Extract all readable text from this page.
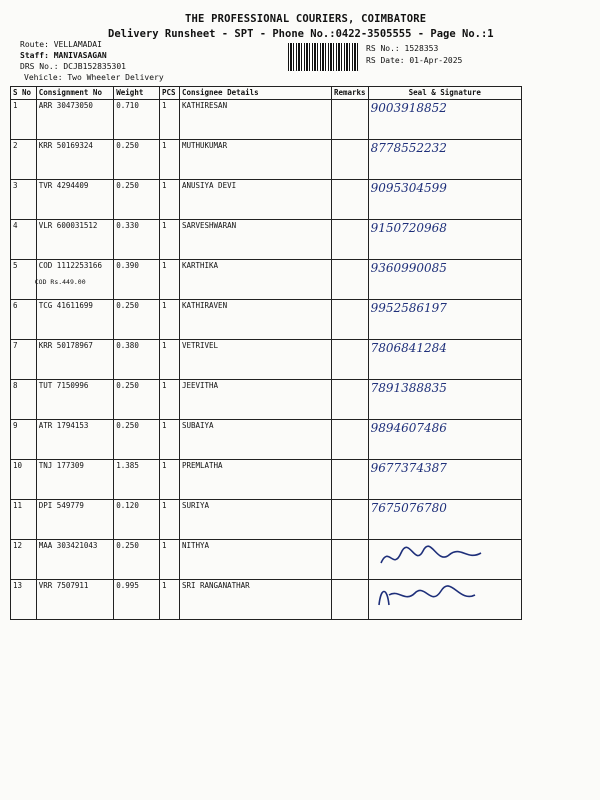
THE PROFESSIONAL COURIERS, COIMBATORE
Delivery Runsheet - SPT - Phone No.:0422-3505555 - Page No.:1
Route: VELLAMADAI
Staff: MANIVASAGAN
DRS No.: DCJB152835301
Vehicle: Two Wheeler Delivery
RS No.: 1528353
RS Date: 01-Apr-2025
S No	Consignment No	Weight	PCS	Consignee Details	Remarks	Seal & Signature
1	ARR 30473050	0.710	1	KATHIRESAN		9003918852
2	KRR 50169324	0.250	1	MUTHUKUMAR		8778552232
3	TVR 4294409	0.250	1	ANUSIYA DEVI		9095304599
4	VLR 600031512	0.330	1	SARVESHWARAN		9150720968
5	COD 1112253166
COD Rs.449.00	0.390	1	KARTHIKA		9360990085
6	TCG 41611699	0.250	1	KATHIRAVEN		9952586197
7	KRR 50178967	0.380	1	VETRIVEL		7806841284
8	TUT 7150996	0.250	1	JEEVITHA		7891388835
9	ATR 1794153	0.250	1	SUBAIYA		9894607486
10	TNJ 177309	1.385	1	PREMLATHA		9677374387
11	DPI 549779	0.120	1	SURIYA		7675076780
12	MAA 303421043	0.250	1	NITHYA		
13	VRR 7507911	0.995	1	SRI RANGANATHAR		
